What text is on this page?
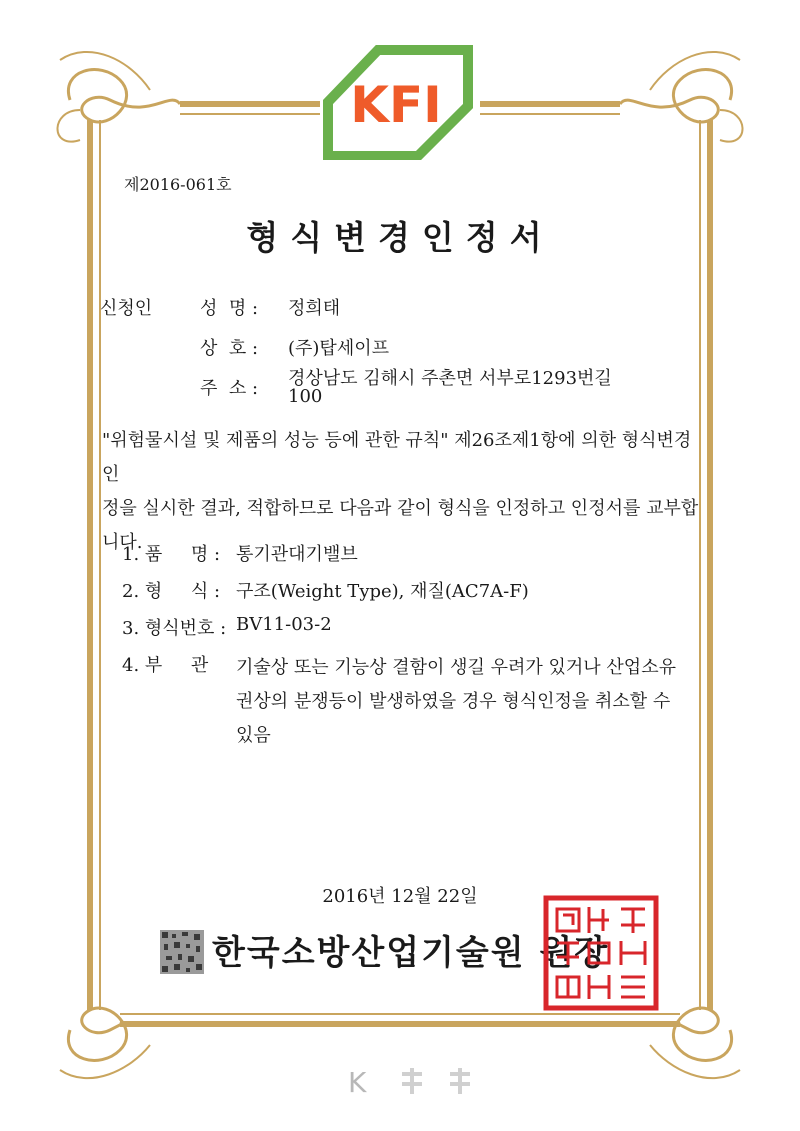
KFI
제2016-061호
형식변경인정서
신청인	성  명 : 정희태
상  호 : (주)탑세이프
주  소 : 경상남도 김해시 주촌면 서부로1293번길
100
"위험물시설 및 제품의 성능 등에 관한 규칙" 제26조제1항에 의한 형식변경인
정을 실시한 결과, 적합하므로 다음과 같이 형식을 인정하고 인정서를 교부합
니다.
1. 품     명 : 통기관대기밸브
2. 형     식 : 구조(Weight Type), 재질(AC7A-F)
3. 형식번호 : BV11-03-2
4. 부     관 기술상 또는 기능상 결함이 생길 우려가 있거나 산업소유
권상의 분쟁등이 발생하였을 경우 형식인정을 취소할 수
있음
2016년 12월 22일
한국소방산업기술원 원장
K
